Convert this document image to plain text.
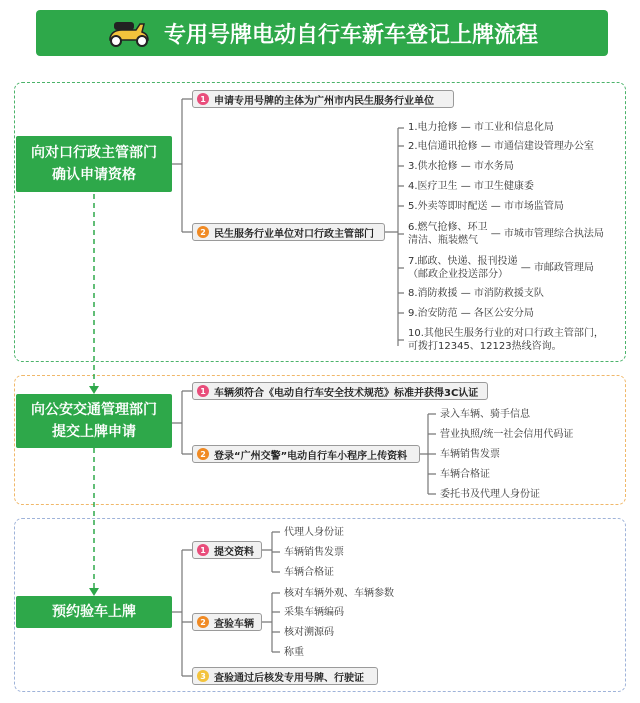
专用号牌电动自行车新车登记上牌流程
向对口行政主管部门
确认申请资格
1 申请专用号牌的主体为广州市内民生服务行业单位
2 民生服务行业单位对口行政主管部门
1.电力抢修 — 市工业和信息化局
2.电信通讯抢修 — 市通信建设管理办公室
3.供水抢修 — 市水务局
4.医疗卫生 — 市卫生健康委
5.外卖等即时配送 — 市市场监管局
6.燃气抢修、环卫
清洁、瓶装燃气 — 市城市管理综合执法局
7.邮政、快递、报刊投递
（邮政企业投送部分） — 市邮政管理局
8.消防救援 — 市消防救援支队
9.治安防范 — 各区公安分局
10.其他民生服务行业的对口行政主管部门，
可拨打12345、12123热线咨询。
向公安交通管理部门
提交上牌申请
1 车辆须符合《电动自行车安全技术规范》标准并获得3C认证
2 登录“广州交警”电动自行车小程序上传资料
录入车辆、骑手信息
营业执照/统一社会信用代码证
车辆销售发票
车辆合格证
委托书及代理人身份证
预约验车上牌
1 提交资料
2 查验车辆
3 查验通过后核发专用号牌、行驶证
代理人身份证
车辆销售发票
车辆合格证
核对车辆外观、车辆参数
采集车辆编码
核对溯源码
称重
